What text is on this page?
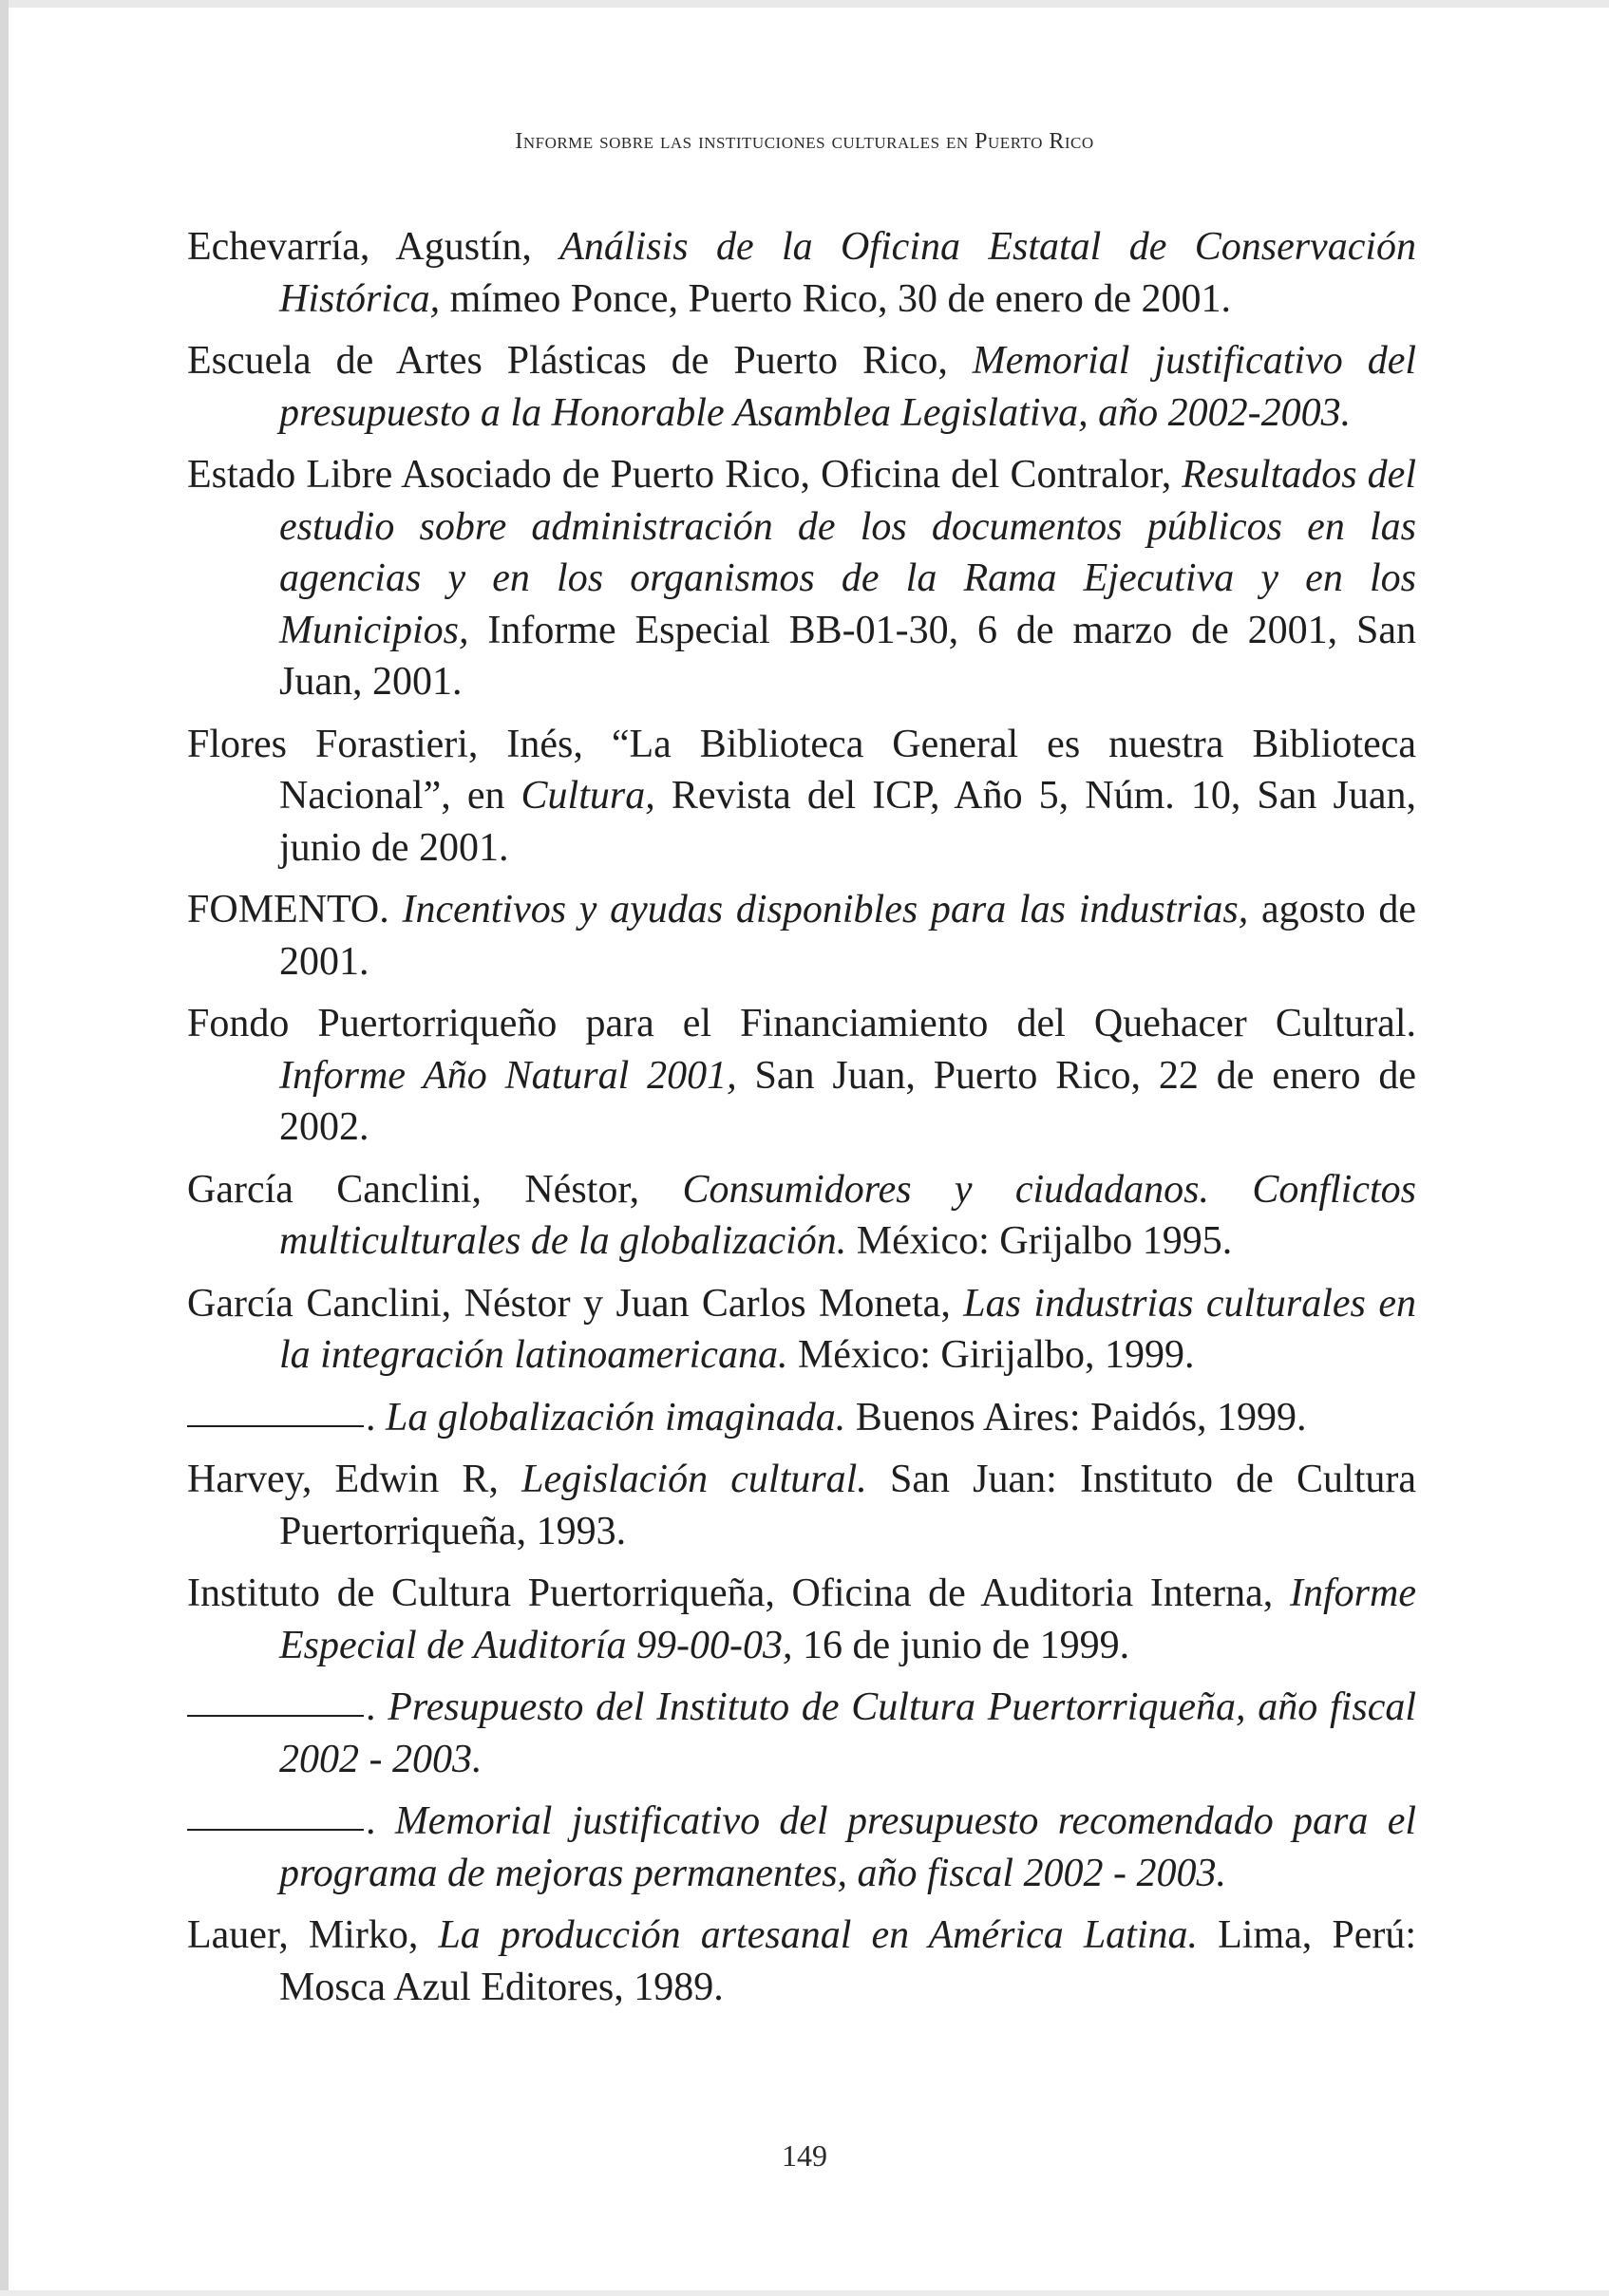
Informe sobre las instituciones culturales en Puerto Rico

Echevarría, Agustín, Análisis de la Oficina Estatal de Conservación Histórica, mímeo Ponce, Puerto Rico, 30 de enero de 2001.

Escuela de Artes Plásticas de Puerto Rico, Memorial justificativo del presupuesto a la Honorable Asamblea Legislativa, año 2002-2003.

Estado Libre Asociado de Puerto Rico, Oficina del Contralor, Resultados del estudio sobre administración de los documentos públicos en las agencias y en los organismos de la Rama Ejecutiva y en los Municipios, Informe Especial BB-01-30, 6 de marzo de 2001, San Juan, 2001.

Flores Forastieri, Inés, “La Biblioteca General es nuestra Biblioteca Nacional”, en Cultura, Revista del ICP, Año 5, Núm. 10, San Juan, junio de 2001.

FOMENTO. Incentivos y ayudas disponibles para las industrias, agosto de 2001.

Fondo Puertorriqueño para el Financiamiento del Quehacer Cultural. Informe Año Natural 2001, San Juan, Puerto Rico, 22 de enero de 2002.

García Canclini, Néstor, Consumidores y ciudadanos. Conflictos multiculturales de la globalización. México: Grijalbo 1995.

García Canclini, Néstor y Juan Carlos Moneta, Las industrias culturales en la integración latinoamericana. México: Girijalbo, 1999.

. La globalización imaginada. Buenos Aires: Paidós, 1999.

Harvey, Edwin R, Legislación cultural. San Juan: Instituto de Cultura Puertorriqueña, 1993.

Instituto de Cultura Puertorriqueña, Oficina de Auditoria Interna, Informe Especial de Auditoría 99-00-03, 16 de junio de 1999.

. Presupuesto del Instituto de Cultura Puertorriqueña, año fiscal 2002 - 2003.

. Memorial justificativo del presupuesto recomendado para el programa de mejoras permanentes, año fiscal 2002 - 2003.

Lauer, Mirko, La producción artesanal en América Latina. Lima, Perú: Mosca Azul Editores, 1989.

149
